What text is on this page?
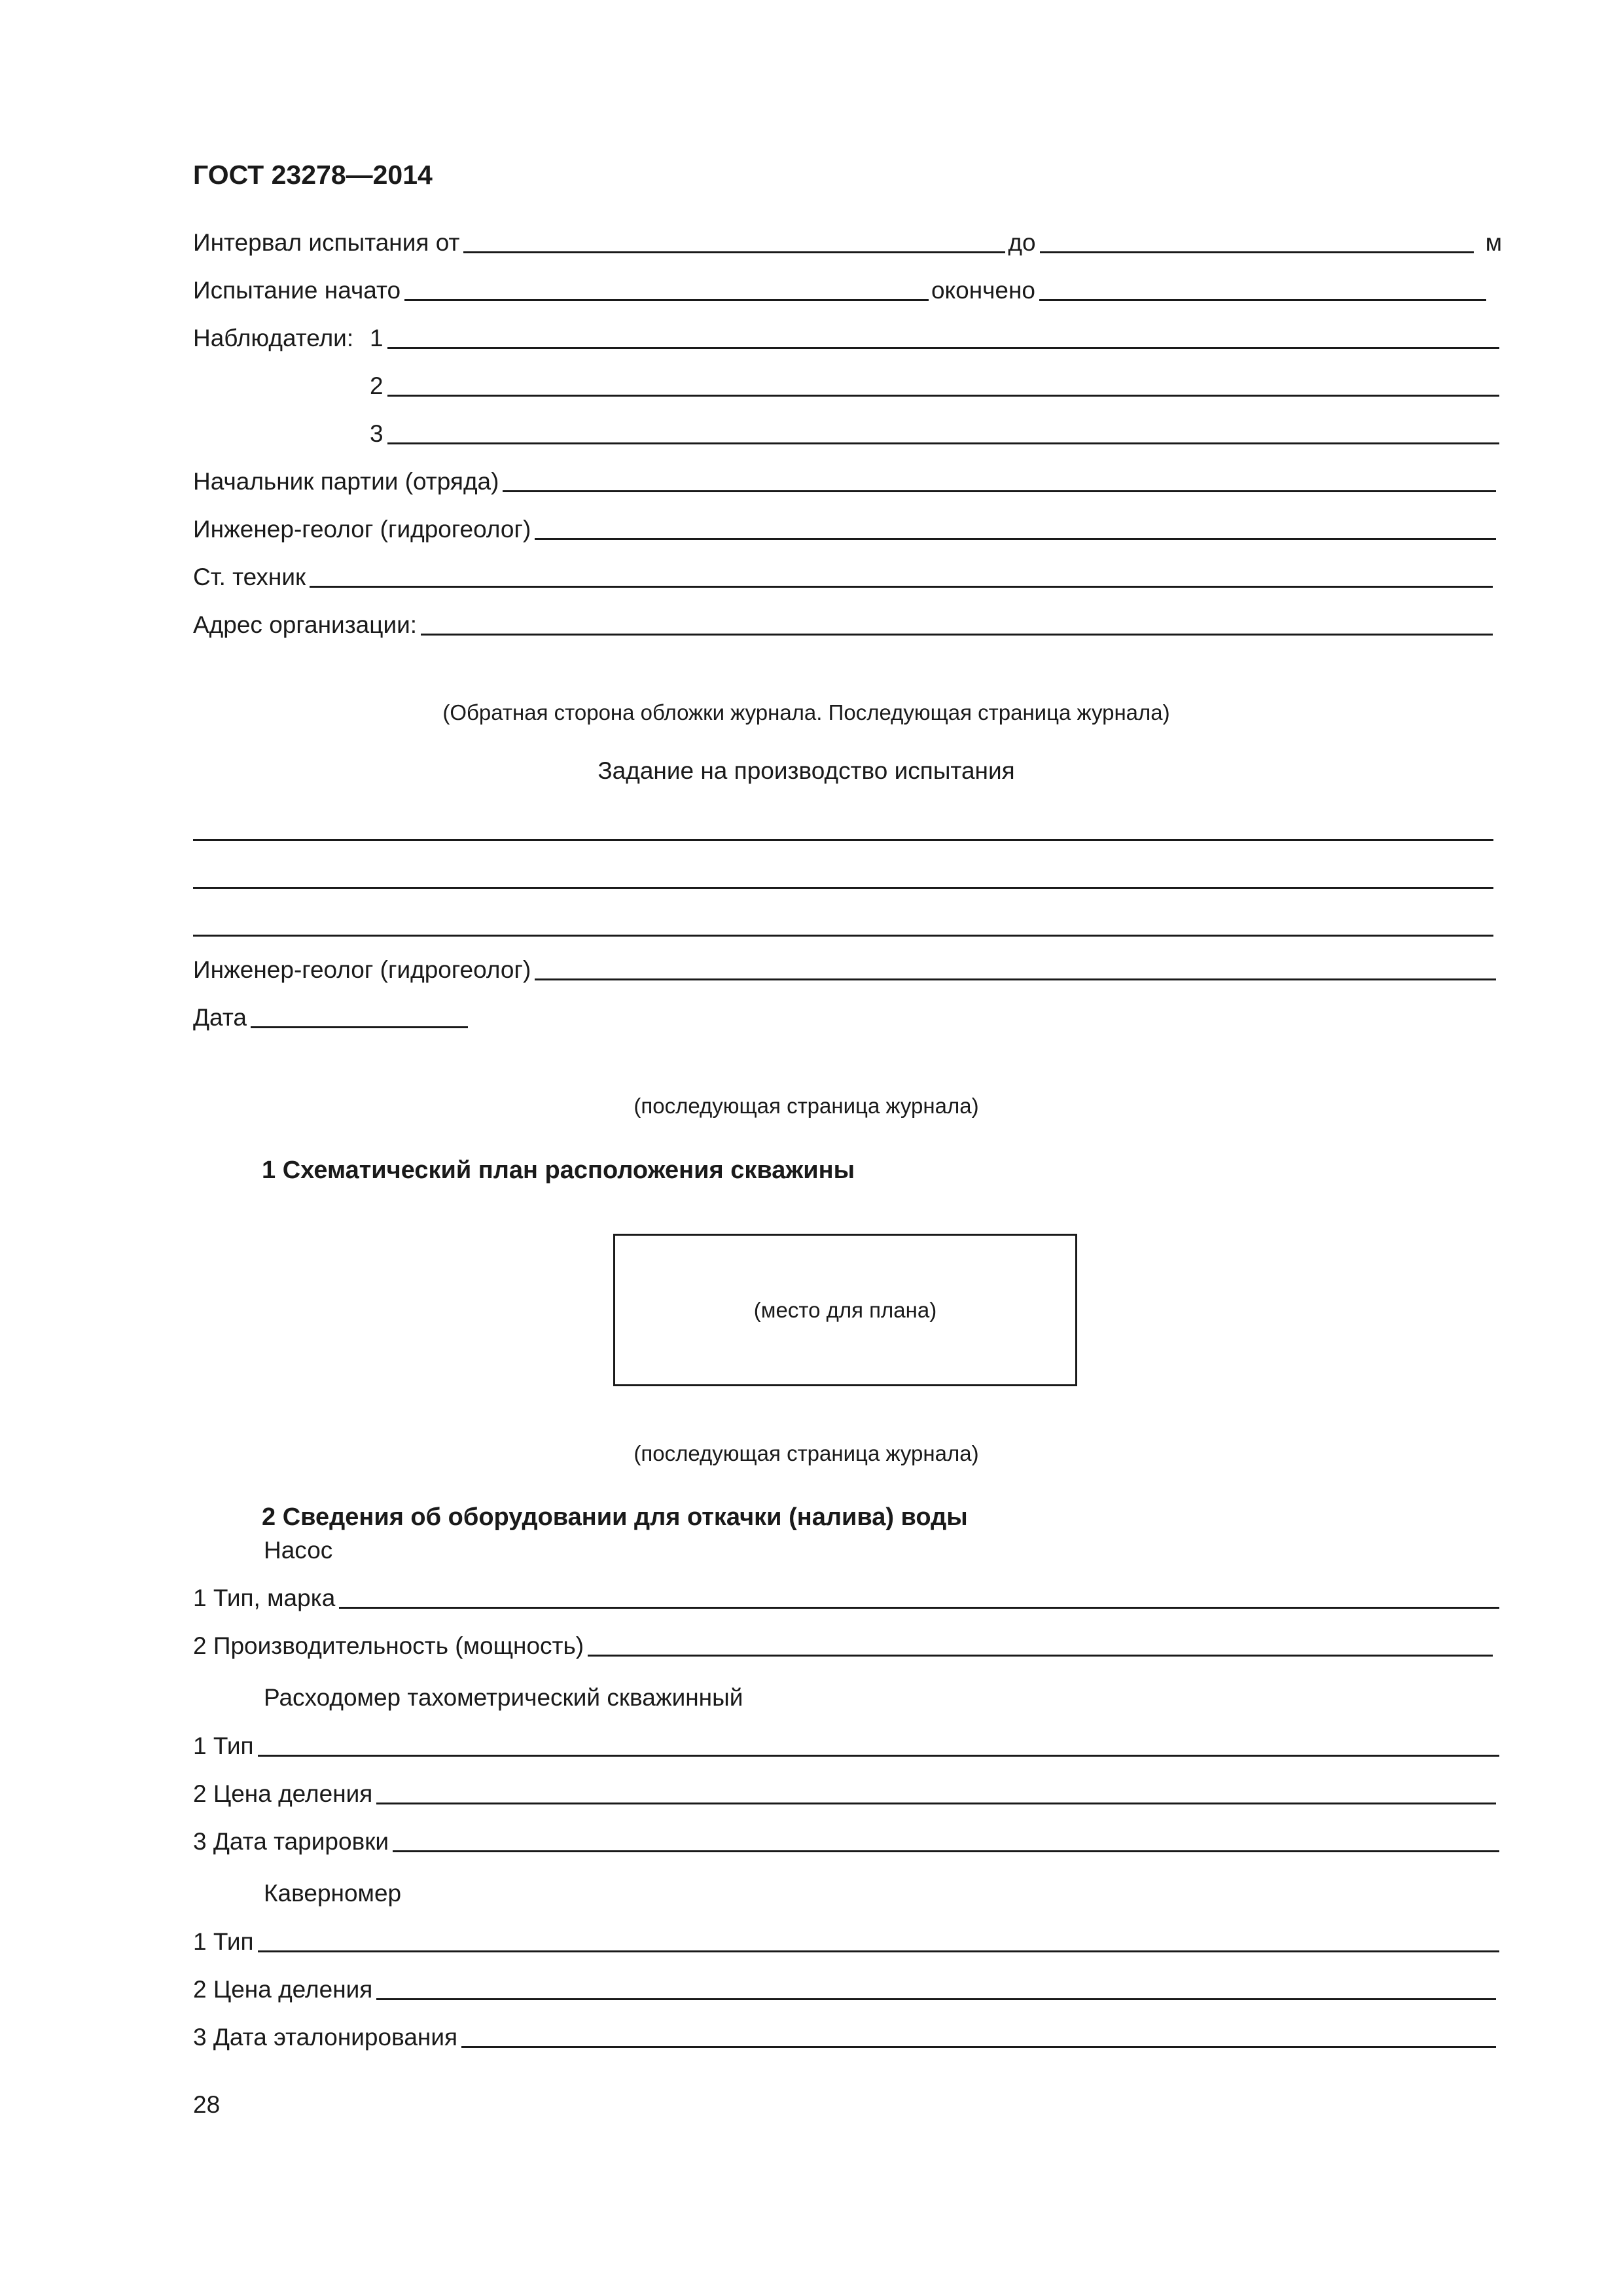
ГОСТ 23278—2014
Интервал испытания от	до	м
Испытание начато	окончено
Наблюдатели: 1
2
3
Начальник партии (отряда)
Инженер-геолог (гидрогеолог)
Ст. техник
Адрес организации:
(Обратная сторона обложки журнала. Последующая страница журнала)
Задание на производство испытания
Инженер-геолог (гидрогеолог)
Дата
(последующая страница журнала)
1 Схематический план расположения скважины
(место для плана)
(последующая страница журнала)
2 Сведения об оборудовании для откачки (налива) воды
Насос
1 Тип, марка
2 Производительность (мощность)
Расходомер тахометрический скважинный
1 Тип
2 Цена деления
3 Дата тарировки
Каверномер
1 Тип
2 Цена деления
3 Дата эталонирования
28
